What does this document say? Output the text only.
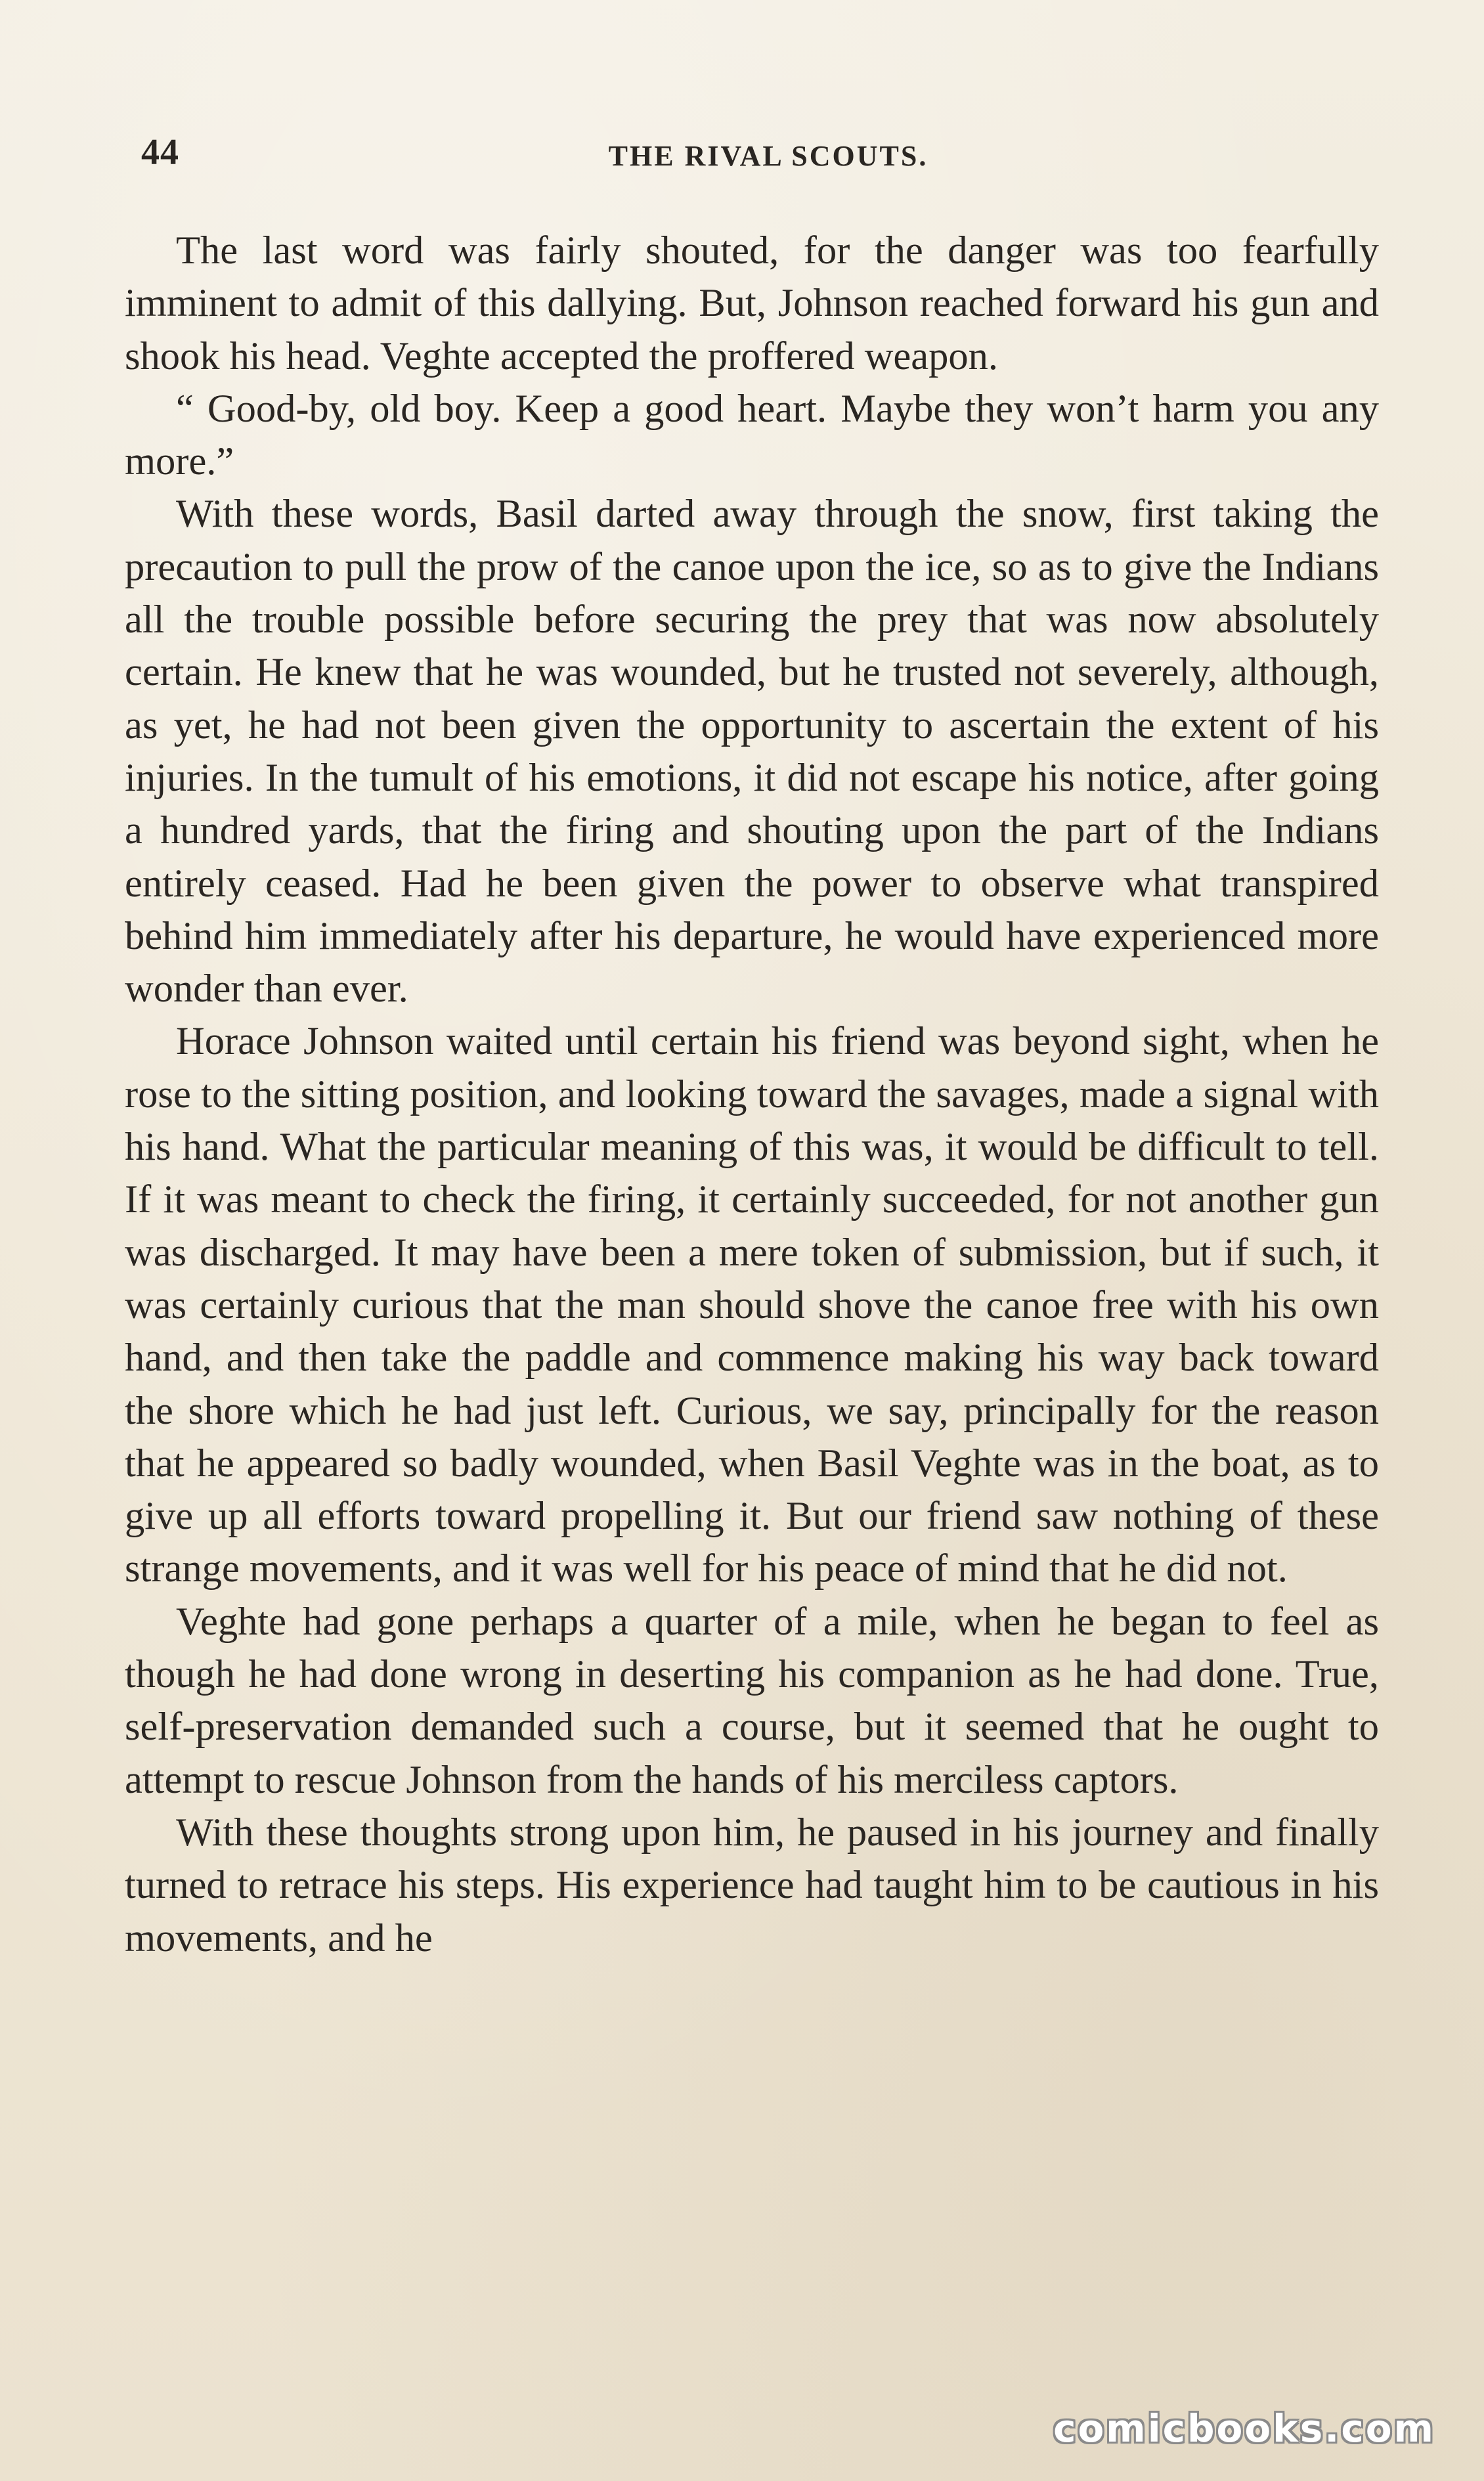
44	THE RIVAL SCOUTS.

The last word was fairly shouted, for the danger was too fearfully imminent to admit of this dallying. But, Johnson reached forward his gun and shook his head. Veghte accepted the proffered weapon.

“ Good-by, old boy. Keep a good heart. Maybe they won’t harm you any more.”

With these words, Basil darted away through the snow, first taking the precaution to pull the prow of the canoe upon the ice, so as to give the Indians all the trouble possible before securing the prey that was now absolutely certain. He knew that he was wounded, but he trusted not severely, although, as yet, he had not been given the opportunity to ascertain the extent of his injuries. In the tumult of his emotions, it did not escape his notice, after going a hundred yards, that the firing and shouting upon the part of the Indians entirely ceased. Had he been given the power to observe what transpired behind him immediately after his departure, he would have experienced more wonder than ever.

Horace Johnson waited until certain his friend was beyond sight, when he rose to the sitting position, and looking toward the savages, made a signal with his hand. What the particular meaning of this was, it would be difficult to tell. If it was meant to check the firing, it certainly succeeded, for not another gun was discharged. It may have been a mere token of submission, but if such, it was certainly curious that the man should shove the canoe free with his own hand, and then take the paddle and commence making his way back toward the shore which he had just left. Curious, we say, principally for the reason that he appeared so badly wounded, when Basil Veghte was in the boat, as to give up all efforts toward propelling it. But our friend saw nothing of these strange movements, and it was well for his peace of mind that he did not.

Veghte had gone perhaps a quarter of a mile, when he began to feel as though he had done wrong in deserting his companion as he had done. True, self-preservation demanded such a course, but it seemed that he ought to attempt to rescue Johnson from the hands of his merciless captors.

With these thoughts strong upon him, he paused in his journey and finally turned to retrace his steps. His experience had taught him to be cautious in his movements, and he

comicbooks.com
